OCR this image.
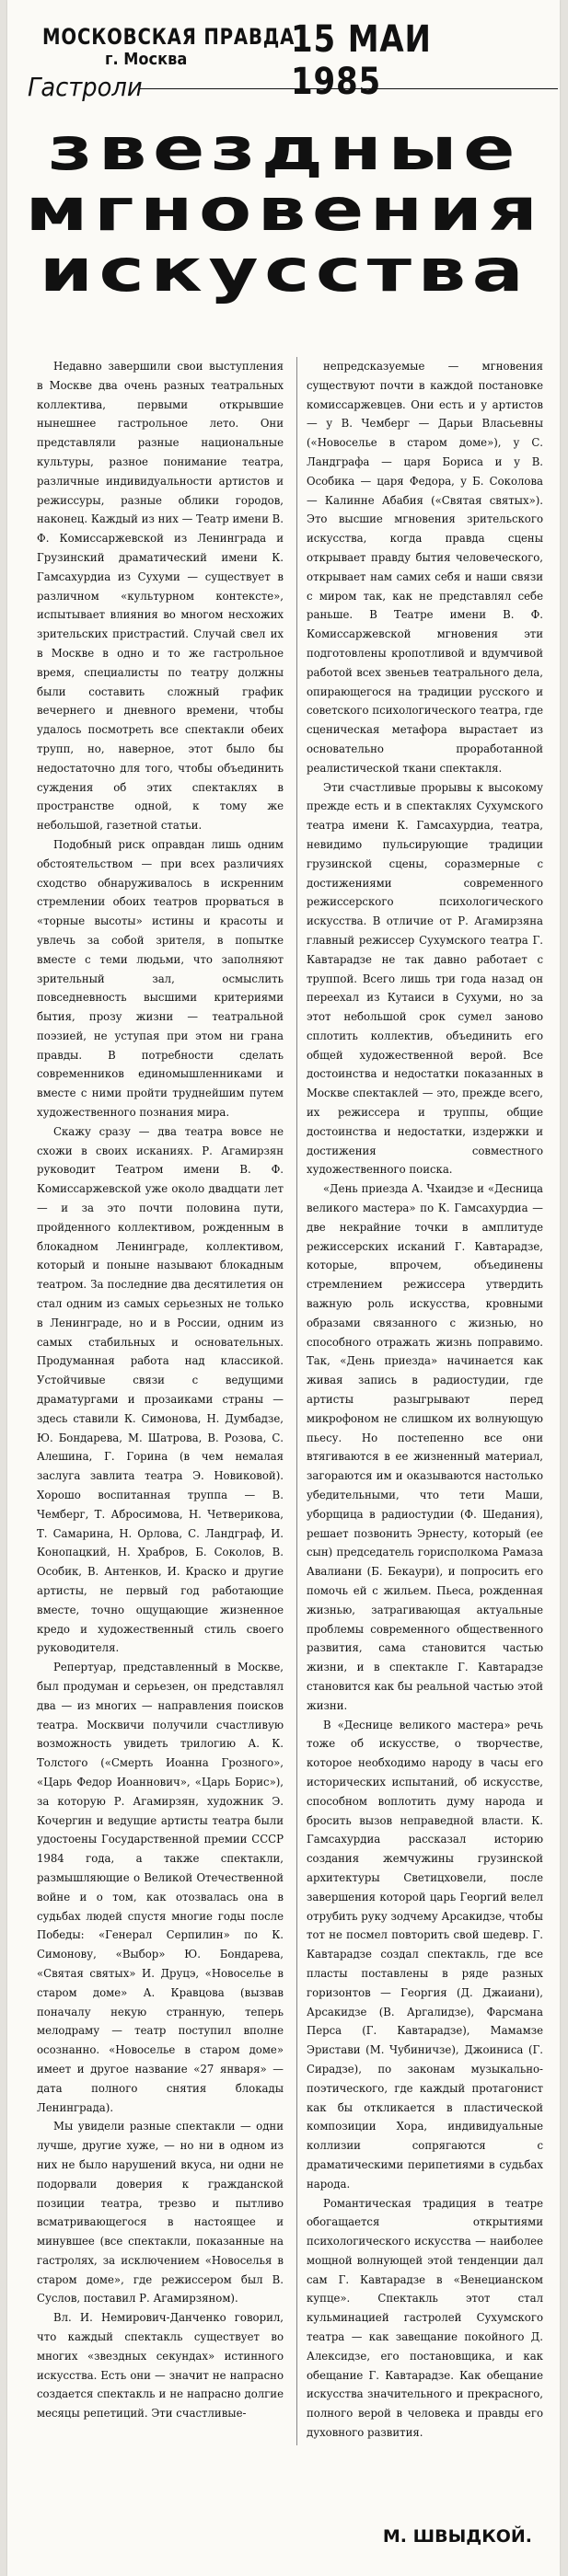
МОСКОВСКАЯ ПРАВДА
15 МАИ 1985
г. Москва
Гастроли
звездные
мгновения
искусства

Недавно завершили свои выступления в Москве два очень разных театральных коллектива, первыми открывшие нынешнее гастрольное лето. Они представляли разные национальные культуры, разное понимание театра, различные индивидуальности артистов и режиссуры, разные облики городов, наконец. Каждый из них — Театр имени В. Ф. Комиссаржевской из Ленинграда и Грузинский драматический имени К. Гамсахурдиа из Сухуми — существует в различном «культурном контексте», испытывает влияния во многом несхожих зрительских пристрастий. Случай свел их в Москве в одно и то же гастрольное время, специалисты по театру должны были составить сложный график вечернего и дневного времени, чтобы удалось посмотреть все спектакли обеих трупп, но, наверное, этот было бы недостаточно для того, чтобы объединить суждения об этих спектаклях в пространстве одной, к тому же небольшой, газетной статьи.

Подобный риск оправдан лишь одним обстоятельством — при всех различиях сходство обнаруживалось в искренним стремлении обоих театров прорваться в «торные высоты» истины и красоты и увлечь за собой зрителя, в попытке вместе с теми людьми, что заполняют зрительный зал, осмыслить повседневность высшими критериями бытия, прозу жизни — театральной поэзией, не уступая при этом ни грана правды. В потребности сделать современников единомышленниками и вместе с ними пройти труднейшим путем художественного познания мира.

Скажу сразу — два театра вовсе не схожи в своих исканиях. Р. Агамирзян руководит Театром имени В. Ф. Комиссаржевской уже около двадцати лет — и за это почти половина пути, пройденного коллективом, рожденным в блокадном Ленинграде, коллективом, который и поныне называют блокадным театром. За последние два десятилетия он стал одним из самых серьезных не только в Ленинграде, но и в России, одним из самых стабильных и основательных. Продуманная работа над классикой. Устойчивые связи с ведущими драматургами и прозаиками страны — здесь ставили К. Симонова, Н. Думбадзе, Ю. Бондарева, М. Шатрова, В. Розова, С. Алешина, Г. Горина (в чем немалая заслуга завлита театра Э. Новиковой). Хорошо воспитанная труппа — В. Чемберг, Т. Абросимова, Н. Четверикова, Т. Самарина, Н. Орлова, С. Ландграф, И. Конопацкий, Н. Храбров, Б. Соколов, В. Особик, В. Антенков, И. Краско и другие артисты, не первый год работающие вместе, точно ощущающие жизненное кредо и художественный стиль своего руководителя.

Репертуар, представленный в Москве, был продуман и серьезен, он представлял два — из многих — направления поисков театра. Москвичи получили счастливую возможность увидеть трилогию А. К. Толстого («Смерть Иоанна Грозного», «Царь Федор Иоаннович», «Царь Борис»), за которую Р. Агамирзян, художник Э. Кочергин и ведущие артисты театра были удостоены Государственной премии СССР 1984 года, а также спектакли, размышляющие о Великой Отечественной войне и о том, как отозвалась она в судьбах людей спустя многие годы после Победы: «Генерал Серпилин» по К. Симонову, «Выбор» Ю. Бондарева, «Святая святых» И. Друцэ, «Новоселье в старом доме» А. Кравцова (вызвав поначалу некую странную, теперь мелодраму — театр поступил вполне осознанно. «Новоселье в старом доме» имеет и другое название «27 января» — дата полного снятия блокады Ленинграда).

Мы увидели разные спектакли — одни лучше, другие хуже, — но ни в одном из них не было нарушений вкуса, ни одни не подорвали доверия к гражданской позиции театра, трезво и пытливо всматривающегося в настоящее и минувшее (все спектакли, показанные на гастролях, за исключением «Новоселья в старом доме», где режиссером был В. Суслов, поставил Р. Агамирзяном).

Вл. И. Немирович-Данченко говорил, что каждый спектакль существует во многих «звездных секундах» истинного искусства. Есть они — значит не напрасно создается спектакль и не напрасно долгие месяцы репетиций. Эти счастливые-

непредсказуемые — мгновения существуют почти в каждой постановке комиссаржевцев. Они есть и у артистов — у В. Чемберг — Дарьи Власьевны («Новоселье в старом доме»), у С. Ландграфа — царя Бориса и у В. Особика — царя Федора, у Б. Соколова — Калинне Абабия («Святая святых»). Это высшие мгновения зрительского искусства, когда правда сцены открывает правду бытия человеческого, открывает нам самих себя и наши связи с миром так, как не представлял себе раньше. В Театре имени В. Ф. Комиссаржевской мгновения эти подготовлены кропотливой и вдумчивой работой всех звеньев театрального дела, опирающегося на традиции русского и советского психологического театра, где сценическая метафора вырастает из основательно проработанной реалистической ткани спектакля.

Эти счастливые прорывы к высокому прежде есть и в спектаклях Сухумского театра имени К. Гамсахурдиа, театра, невидимо пульсирующие традиции грузинской сцены, соразмерные с достижениями современного режиссерского психологического искусства. В отличие от Р. Агамирзяна главный режиссер Сухумского театра Г. Кавтарадзе не так давно работает с труппой. Всего лишь три года назад он переехал из Кутаиси в Сухуми, но за этот небольшой срок сумел заново сплотить коллектив, объединить его общей художественной верой. Все достоинства и недостатки показанных в Москве спектаклей — это, прежде всего, их режиссера и труппы, общие достоинства и недостатки, издержки и достижения совместного художественного поиска.

«День приезда А. Чхаидзе и «Десница великого мастера» по К. Гамсахурдиа — две некрайние точки в амплитуде режиссерских исканий Г. Кавтарадзе, которые, впрочем, объединены стремлением режиссера утвердить важную роль искусства, кровными образами связанного с жизнью, но способного отражать жизнь поправимо. Так, «День приезда» начинается как живая запись в радиостудии, где артисты разыгрывают перед микрофоном не слишком их волнующую пьесу. Но постепенно все они втягиваются в ее жизненный материал, загораются им и оказываются настолько убедительными, что тети Маши, уборщица в радиостудии (Ф. Шедания), решает позвонить Эрнесту, который (ее сын) председатель горисполкома Рамаза Авалиани (Б. Бекаури), и попросить его помочь ей с жильем. Пьеса, рожденная жизнью, затрагивающая актуальные проблемы современного общественного развития, сама становится частью жизни, и в спектакле Г. Кавтарадзе становится как бы реальной частью этой жизни.

В «Деснице великого мастера» речь тоже об искусстве, о творчестве, которое необходимо народу в часы его исторических испытаний, об искусстве, способном воплотить думу народа и бросить вызов неправедной власти. К. Гамсахурдиа рассказал историю создания жемчужины грузинской архитектуры Светицховели, после завершения которой царь Георгий велел отрубить руку зодчему Арсакидзе, чтобы тот не посмел повторить свой шедевр. Г. Кавтарадзе создал спектакль, где все пласты поставлены в ряде разных горизонтов — Георгия (Д. Джаиани), Арсакидзе (В. Аргалидзе), Фарсмана Перса (Г. Кавтарадзе), Мамамзе Эристави (М. Чубиничзе), Джоиниса (Г. Сирадзе), по законам музыкально-поэтического, где каждый протагонист как бы откликается в пластической композиции Хора, индивидуальные коллизии сопрягаются с драматическими перипетиями в судьбах народа.

Романтическая традиция в театре обогащается открытиями психологического искусства — наиболее мощной волнующей этой тенденции дал сам Г. Кавтарадзе в «Венецианском купце». Спектакль этот стал кульминацией гастролей Сухумского театра — как завещание покойного Д. Алексидзе, его постановщика, и как обещание Г. Кавтарадзе. Как обещание искусства значительного и прекрасного, полного верой в человека и правды его духовного развития.

М. ШВЫДКОЙ.
